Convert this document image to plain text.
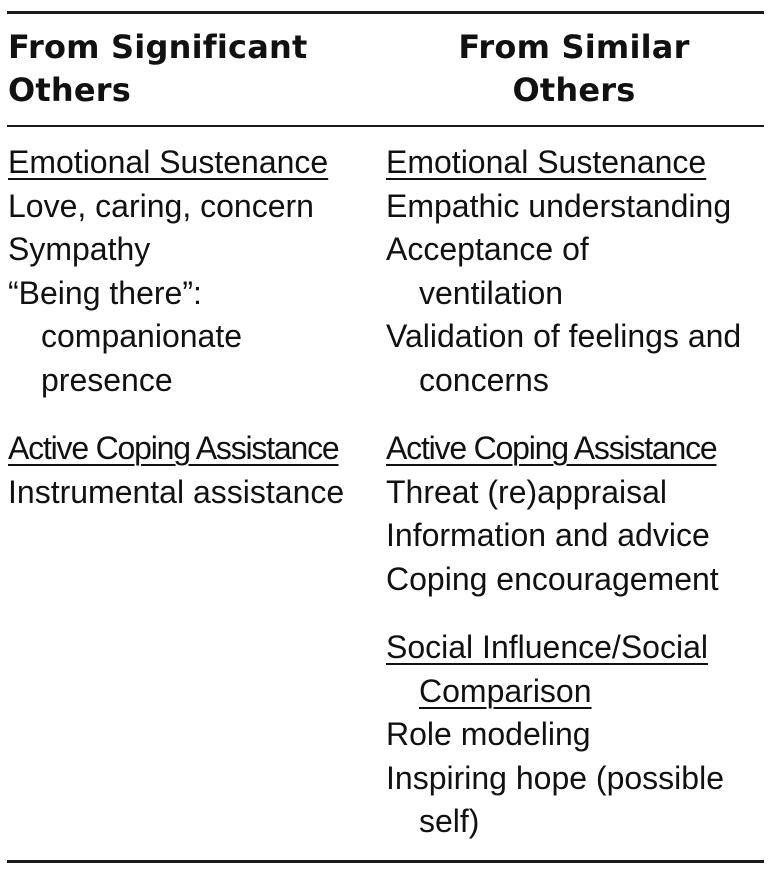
From Significant
Others
From Similar
Others
Emotional Sustenance
Love, caring, concern
Sympathy
“Being there”:
companionate
presence
Active Coping Assistance
Instrumental assistance
Emotional Sustenance
Empathic understanding
Acceptance of
ventilation
Validation of feelings and
concerns
Active Coping Assistance
Threat (re)appraisal
Information and advice
Coping encouragement
Social Influence/Social
Comparison
Role modeling
Inspiring hope (possible
self)
